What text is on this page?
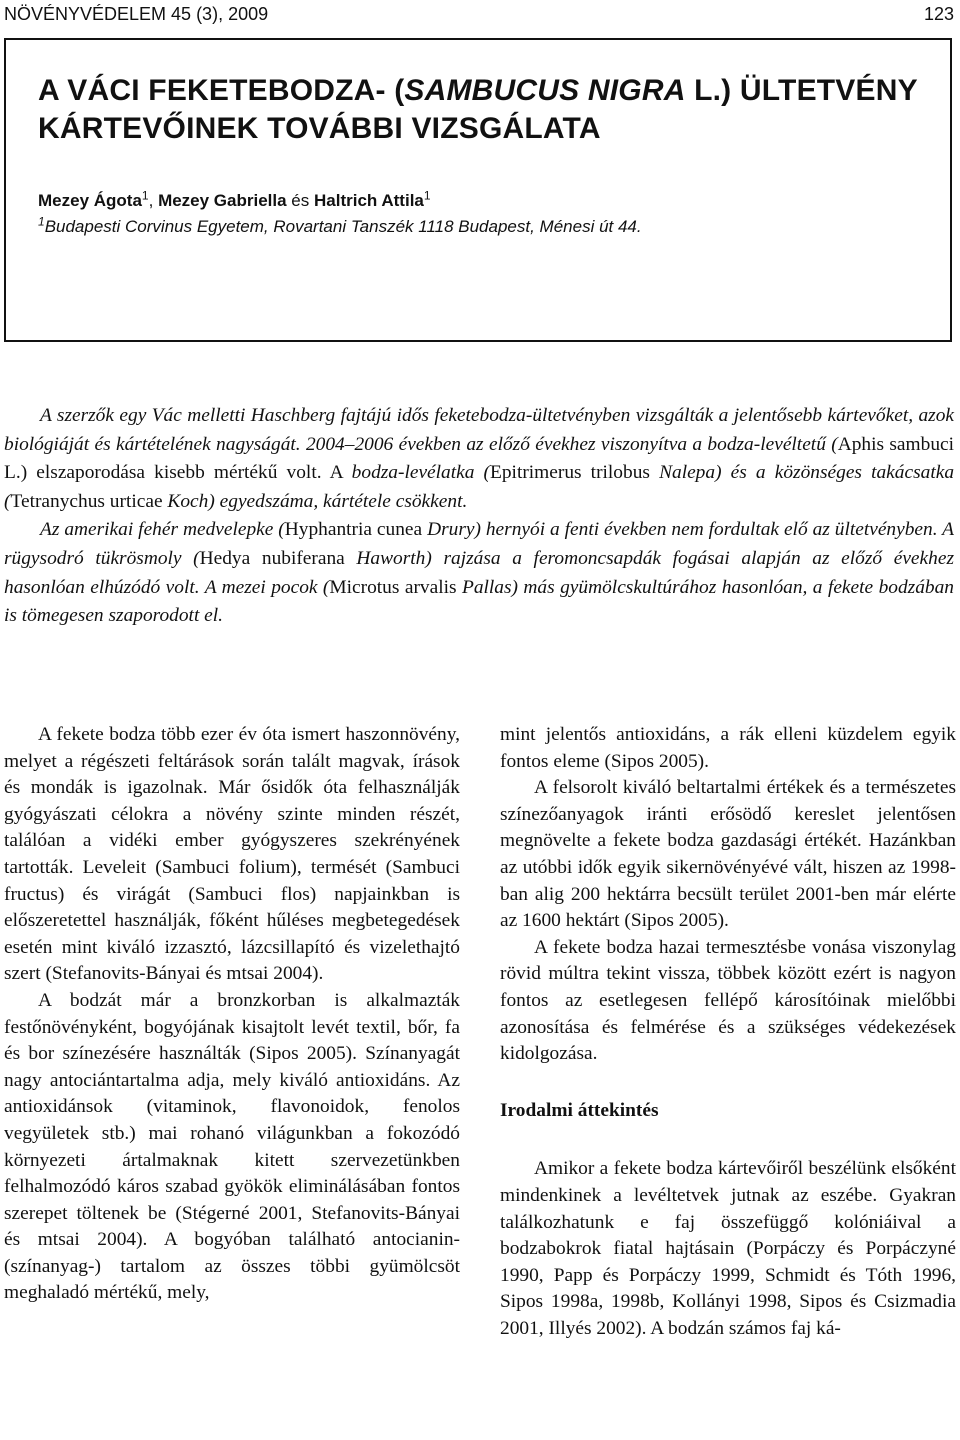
NÖVÉNYVÉDELEM 45 (3), 2009	123
A VÁCI FEKETEBODZA- (SAMBUCUS NIGRA L.) ÜLTETVÉNY
KÁRTEVŐINEK TOVÁBBI VIZSGÁLATA
Mezey Ágota$^1$, Mezey Gabriella és Haltrich Attila$^1$
$^1$Budapesti Corvinus Egyetem, Rovartani Tanszék 1118 Budapest, Ménesi út 44.

A szerzők egy Vác melletti Haschberg fajtájú idős feketebodza-ültetvényben vizsgálták a jelentősebb kártevőket, azok biológiáját és kártételének nagyságát. 2004–2006 években az előző évekhez viszonyítva a bodza-levéltetű (Aphis sambuci L.) elszaporodása kisebb mértékű volt. A bodza-levélatka (Epitrimerus trilobus Nalepa) és a közönséges takácsatka (Tetranychus urticae Koch) egyedszáma, kártétele csökkent.

Az amerikai fehér medvelepke (Hyphantria cunea Drury) hernyói a fenti években nem fordultak elő az ültetvényben. A rügysodró tükrösmoly (Hedya nubiferana Haworth) rajzása a feromoncsapdák fogásai alapján az előző évekhez hasonlóan elhúzódó volt. A mezei pocok (Microtus arvalis Pallas) más gyümölcskultúrához hasonlóan, a fekete bodzában is tömegesen szaporodott el.

A fekete bodza több ezer év óta ismert haszonnövény, melyet a régészeti feltárások során talált magvak, írások és mondák is igazolnak. Már ősidők óta felhasználják gyógyászati célokra a növény szinte minden részét, találóan a vidéki ember gyógyszeres szekrényének tartották. Leveleit (Sambuci folium), termését (Sambuci fructus) és virágát (Sambuci flos) napjainkban is előszeretettel használják, főként hűléses megbetegedések esetén mint kiváló izzasztó, lázcsillapító és vizelethajtó szert (Stefanovits-Bányai és mtsai 2004).

A bodzát már a bronzkorban is alkalmazták festőnövényként, bogyójának kisajtolt levét textil, bőr, fa és bor színezésére használták (Sipos 2005). Színanyagát nagy antociántartalma adja, mely kiváló antioxidáns. Az antioxidánsok (vitaminok, flavonoidok, fenolos vegyületek stb.) mai rohanó világunkban a fokozódó környezeti ártalmaknak kitett szervezetünkben felhalmozódó káros szabad gyökök eliminálásában fontos szerepet töltenek be (Stégerné 2001, Stefanovits-Bányai és mtsai 2004). A bogyóban található antocianin-(színanyag-) tartalom az összes többi gyümölcsöt meghaladó mértékű, mely,

mint jelentős antioxidáns, a rák elleni küzdelem egyik fontos eleme (Sipos 2005).

A felsorolt kiváló beltartalmi értékek és a természetes színezőanyagok iránti erősödő kereslet jelentősen megnövelte a fekete bodza gazdasági értékét. Hazánkban az utóbbi idők egyik sikernövényévé vált, hiszen az 1998-ban alig 200 hektárra becsült terület 2001-ben már elérte az 1600 hektárt (Sipos 2005).

A fekete bodza hazai termesztésbe vonása viszonylag rövid múltra tekint vissza, többek között ezért is nagyon fontos az esetlegesen fellépő károsítóinak mielőbbi azonosítása és felmérése és a szükséges védekezések kidolgozása.

Irodalmi áttekintés

Amikor a fekete bodza kártevőiről beszélünk elsőként mindenkinek a levéltetvek jutnak az eszébe. Gyakran találkozhatunk e faj összefüggő kolóniáival a bodzabokrok fiatal hajtásain (Porpáczy és Porpáczyné 1990, Papp és Porpáczy 1999, Schmidt és Tóth 1996, Sipos 1998a, 1998b, Kollányi 1998, Sipos és Csizmadia 2001, Illyés 2002). A bodzán számos faj ká-
